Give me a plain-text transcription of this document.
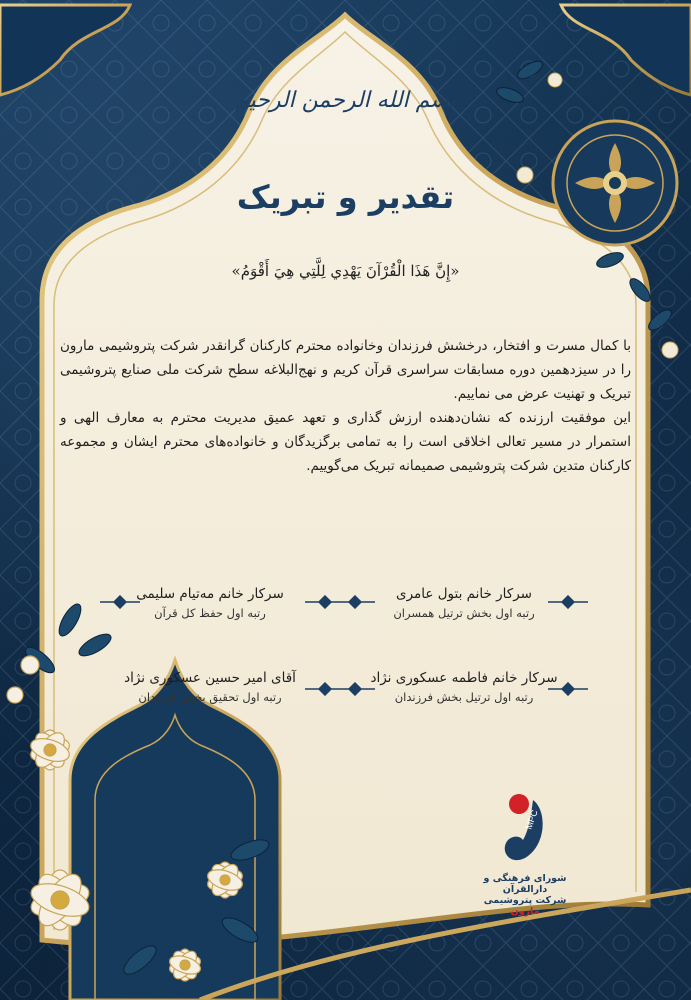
بسم الله الرحمن الرحیم
تقدیر و تبریک
«إِنَّ هَذَا الْقُرْآنَ يَهْدِي لِلَّتِي هِيَ أَقْوَمُ»

با کمال مسرت و افتخار، درخشش فرزندان وخانواده محترم کارکنان گرانقدر شرکت پتروشیمی مارون را در سیزدهمین دوره مسابقات سراسری قرآن کریم و نهج‌البلاغه سطح شرکت ملی صنایع پتروشیمی تبریک و تهنیت عرض می نماییم.

این موفقیت ارزنده که نشان‌دهنده ارزش گذاری و تعهد عمیق مدیریت محترم به معارف الهی و استمرار در مسیر تعالی اخلاقی است را به تمامی برگزیدگان و خانواده‌های محترم ایشان و مجموعه کارکنان متدین شرکت پتروشیمی صمیمانه تبریک می‌گوییم.

سرکار خانم بتول عامری
رتبه اول بخش ترتیل همسران
سرکار خانم مه‌تیام سلیمی
رتبه اول حفظ کل قرآن
سرکار خانم فاطمه عسکوری نژاد
رتبه اول ترتیل بخش فرزندان
آقای امیر حسین عسکوری نژاد
رتبه اول تحقیق بخش فرزندان
MPC
شورای فرهنگی و دارالقرآن
شرکت پتروشیمی مارون
